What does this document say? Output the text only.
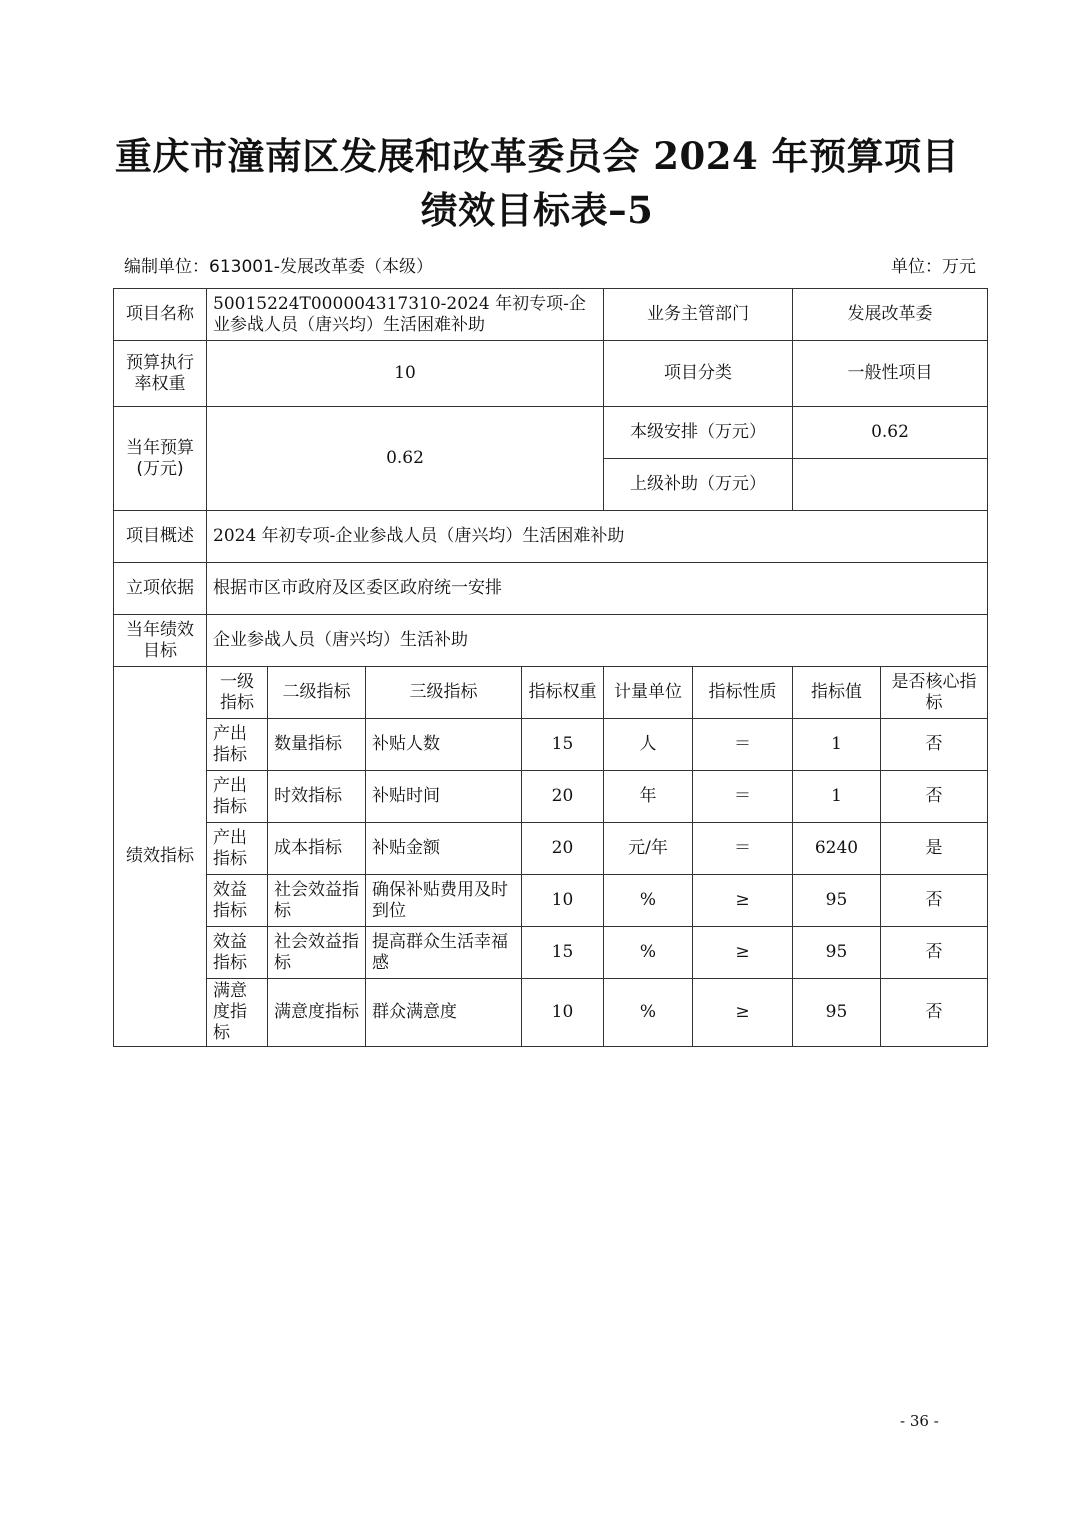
重庆市潼南区发展和改革委员会 2024 年预算项目
绩效目标表–5
编制单位：613001-发展改革委（本级）	单位：万元
项目名称	50015224T000004317310-2024 年初专项-企业参战人员（唐兴均）生活困难补助				业务主管部门		发展改革委	
预算执行率权重	10				项目分类		一般性项目	
当年预算(万元)	0.62				本级安排（万元）		0.62	
					上级补助（万元）			
项目概述	2024 年初专项-企业参战人员（唐兴均）生活困难补助							
立项依据	根据市区市政府及区委区政府统一安排							
当年绩效目标	企业参战人员（唐兴均）生活补助							
绩效指标	一级指标	二级指标	三级指标	指标权重	计量单位	指标性质	指标值	是否核心指标
	产出指标	数量指标	补贴人数	15	人	＝	1	否
	产出指标	时效指标	补贴时间	20	年	＝	1	否
	产出指标	成本指标	补贴金额	20	元/年	＝	6240	是
	效益指标	社会效益指标	确保补贴费用及时到位	10	%	≥	95	否
	效益指标	社会效益指标	提高群众生活幸福感	15	%	≥	95	否
	满意度指标	满意度指标	群众满意度	10	%	≥	95	否
- 36 -
